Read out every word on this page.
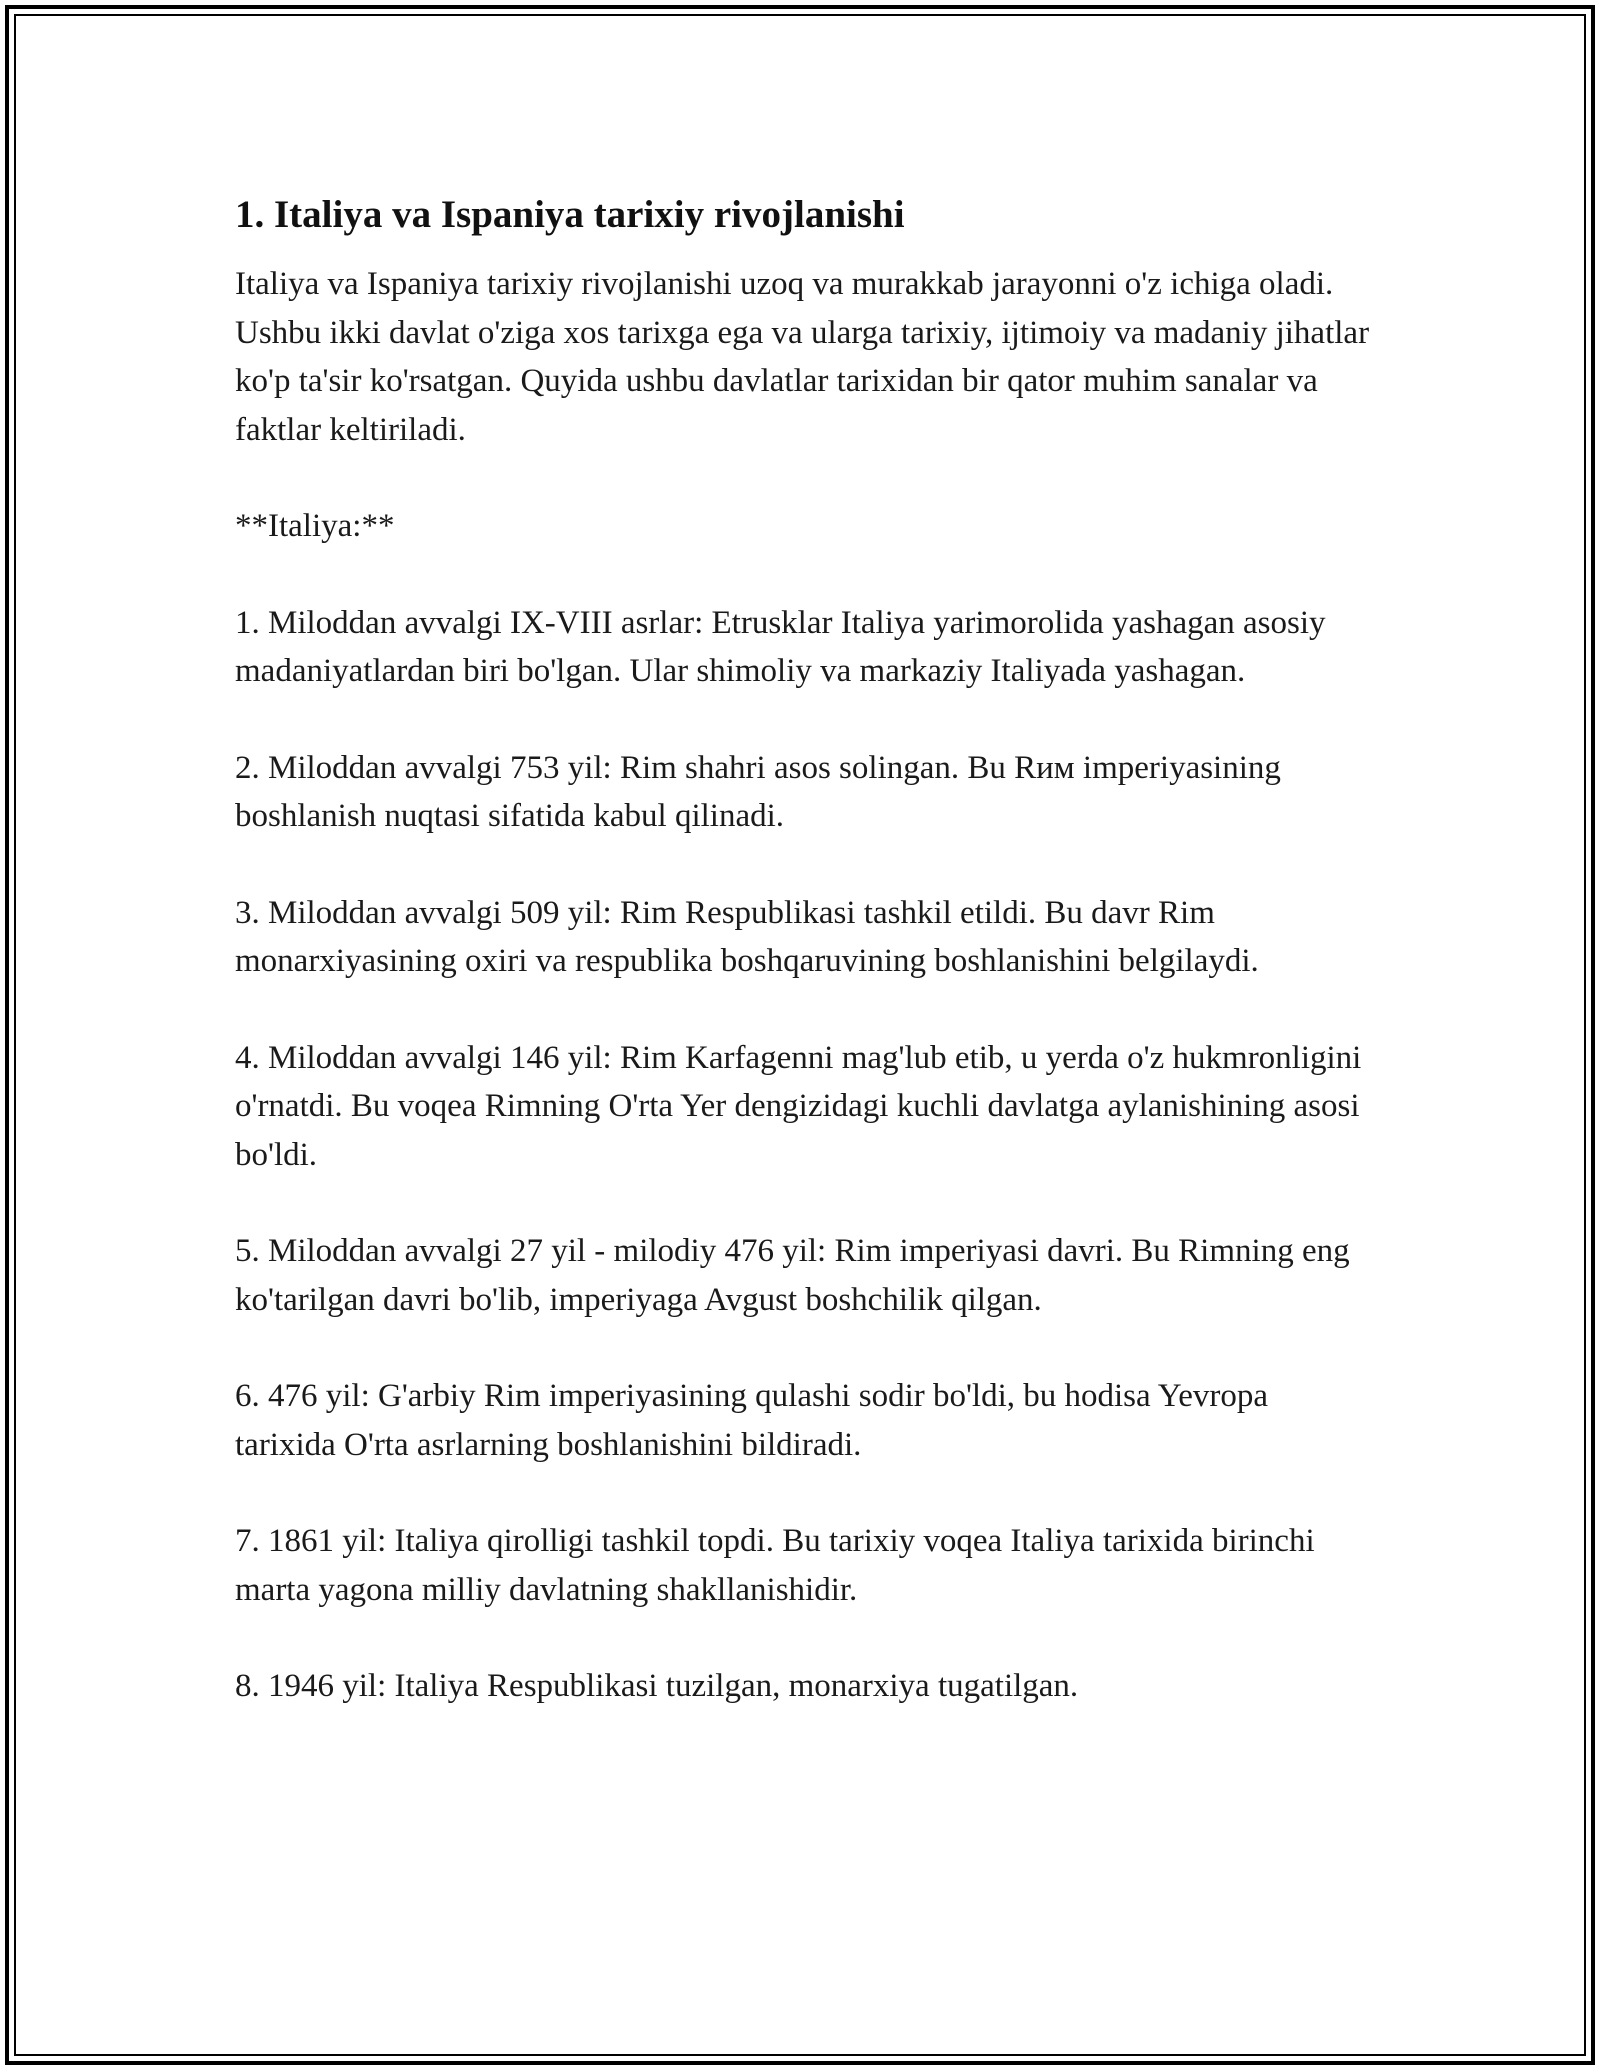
1. Italiya va Ispaniya tarixiy rivojlanishi

Italiya va Ispaniya tarixiy rivojlanishi uzoq va murakkab jarayonni o'z ichiga oladi. Ushbu ikki davlat o'ziga xos tarixga ega va ularga tarixiy, ijtimoiy va madaniy jihatlar ko'p ta'sir ko'rsatgan. Quyida ushbu davlatlar tarixidan bir qator muhim sanalar va faktlar keltiriladi.

**Italiya:**

1. Miloddan avvalgi IX-VIII asrlar: Etrusklar Italiya yarimorolida yashagan asosiy madaniyatlardan biri bo'lgan. Ular shimoliy va markaziy Italiyada yashagan.

2. Miloddan avvalgi 753 yil: Rim shahri asos solingan. Bu Rим imperiyasining boshlanish nuqtasi sifatida kabul qilinadi.

3. Miloddan avvalgi 509 yil: Rim Respublikasi tashkil etildi. Bu davr Rim monarxiyasining oxiri va respublika boshqaruvining boshlanishini belgilaydi.

4. Miloddan avvalgi 146 yil: Rim Karfagenni mag'lub etib, u yerda o'z hukmronligini o'rnatdi. Bu voqea Rimning O'rta Yer dengizidagi kuchli davlatga aylanishining asosi bo'ldi.

5. Miloddan avvalgi 27 yil - milodiy 476 yil: Rim imperiyasi davri. Bu Rimning eng ko'tarilgan davri bo'lib, imperiyaga Avgust boshchilik qilgan.

6. 476 yil: G'arbiy Rim imperiyasining qulashi sodir bo'ldi, bu hodisa Yevropa tarixida O'rta asrlarning boshlanishini bildiradi.

7. 1861 yil: Italiya qirolligi tashkil topdi. Bu tarixiy voqea Italiya tarixida birinchi marta yagona milliy davlatning shakllanishidir.

8. 1946 yil: Italiya Respublikasi tuzilgan, monarxiya tugatilgan.
